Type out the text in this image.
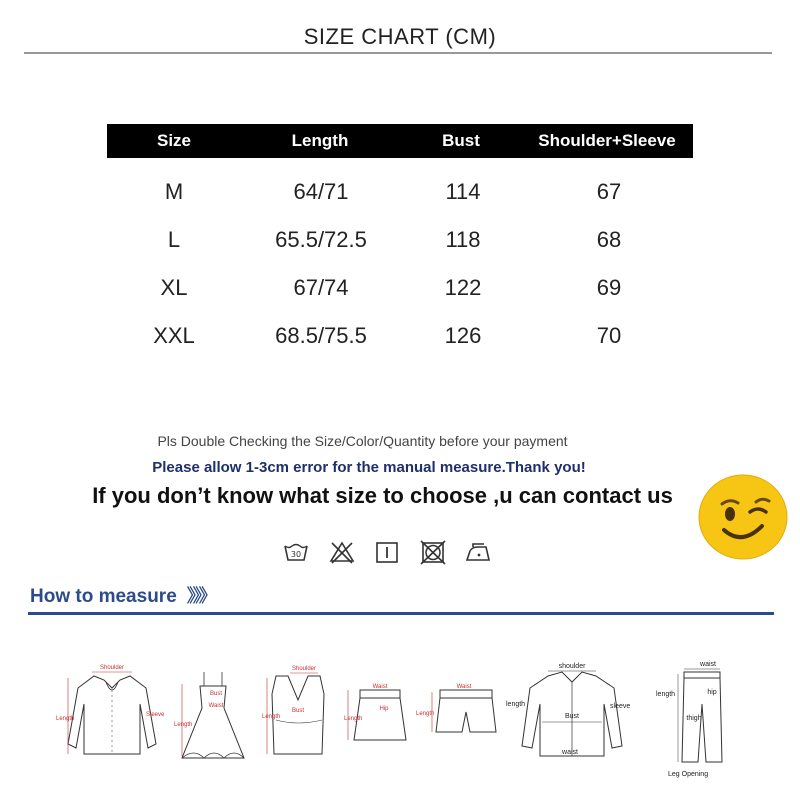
SIZE CHART (CM)
Size	Length	Bust	Shoulder+Sleeve
M	64/71	114	67
L	65.5/72.5	118	68
XL	67/74	122	69
XXL	68.5/75.5	126	70
Pls Double Checking the Size/Color/Quantity before your payment
Please allow 1-3cm error for the manual measure.Thank you!
If you don’t know what size to choose ,u can contact us
30
How to measure 》》》
Shoulder
Length
Sleeve
Bust
Waist
Length
Shoulder
Bust
Length
Waist
Hip
Length
Waist
Length
shoulder
Bust
waist
length	sleeve
waist
hip
thigh
length
Leg Opening
